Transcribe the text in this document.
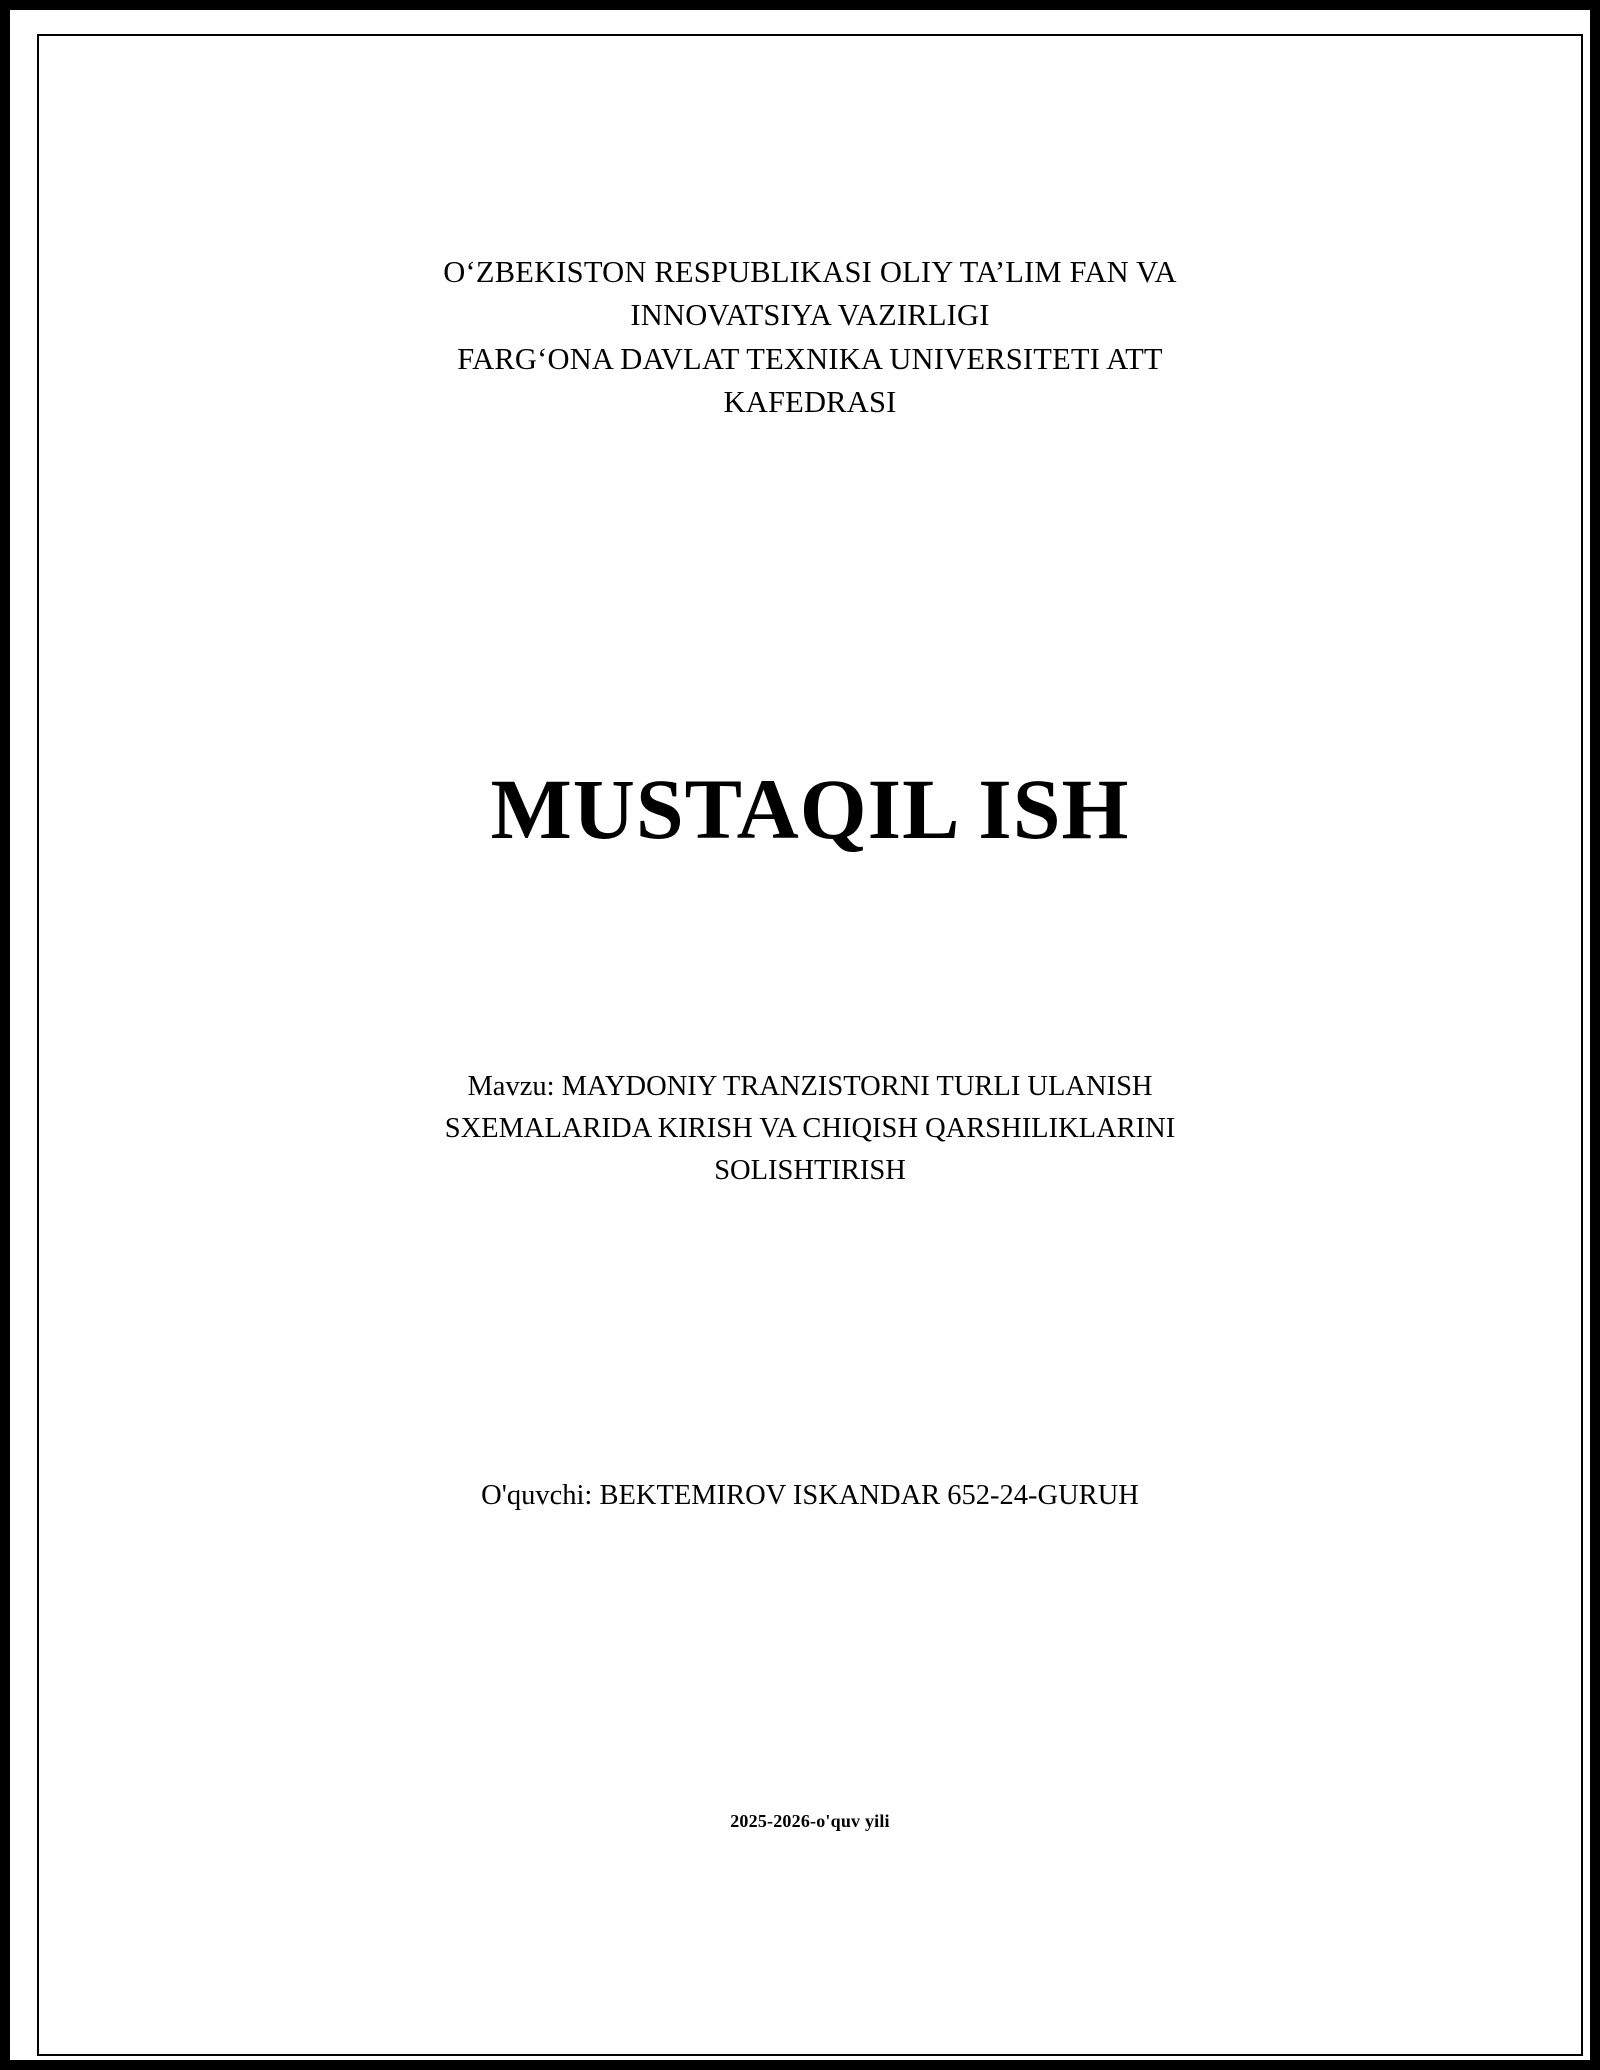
O‘ZBEKISTON RESPUBLIKASI OLIY TA’LIM FAN VA
INNOVATSIYA VAZIRLIGI
FARG‘ONA DAVLAT TEXNIKA UNIVERSITETI ATT
KAFEDRASI
MUSTAQIL ISH
Mavzu: MAYDONIY TRANZISTORNI TURLI ULANISH
SXEMALARIDA KIRISH VA CHIQISH QARSHILIKLARINI
SOLISHTIRISH
O'quvchi: BEKTEMIROV ISKANDAR 652-24-GURUH
2025-2026-o'quv yili
